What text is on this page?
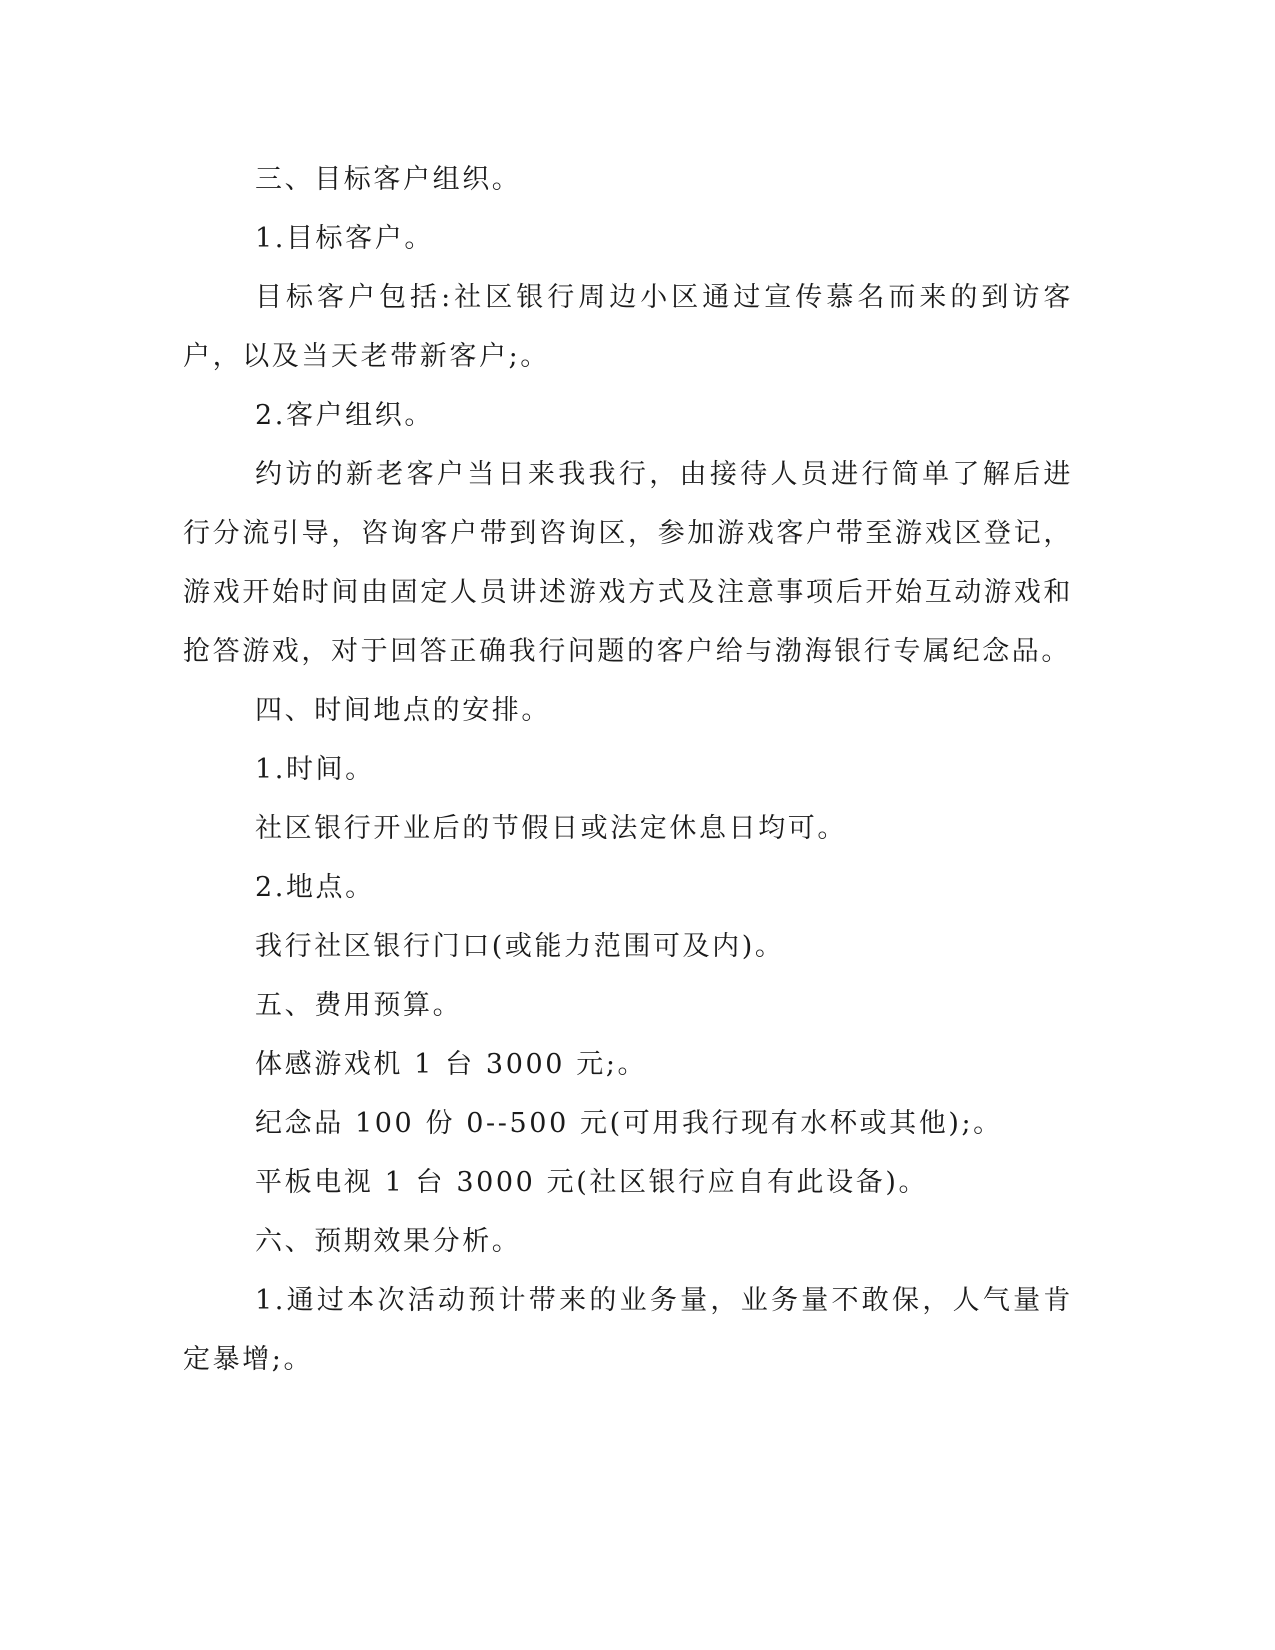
三、目标客户组织。

1.目标客户。

目标客户包括:社区银行周边小区通过宣传慕名而来的到访客户，以及当天老带新客户;。

2.客户组织。

约访的新老客户当日来我我行，由接待人员进行简单了解后进行分流引导，咨询客户带到咨询区，参加游戏客户带至游戏区登记，游戏开始时间由固定人员讲述游戏方式及注意事项后开始互动游戏和抢答游戏，对于回答正确我行问题的客户给与渤海银行专属纪念品。

四、时间地点的安排。

1.时间。

社区银行开业后的节假日或法定休息日均可。

2.地点。

我行社区银行门口(或能力范围可及内)。

五、费用预算。

体感游戏机 1 台 3000 元;。

纪念品 100 份 0--500 元(可用我行现有水杯或其他);。

平板电视 1 台 3000 元(社区银行应自有此设备)。

六、预期效果分析。

1.通过本次活动预计带来的业务量，业务量不敢保，人气量肯定暴增;。
